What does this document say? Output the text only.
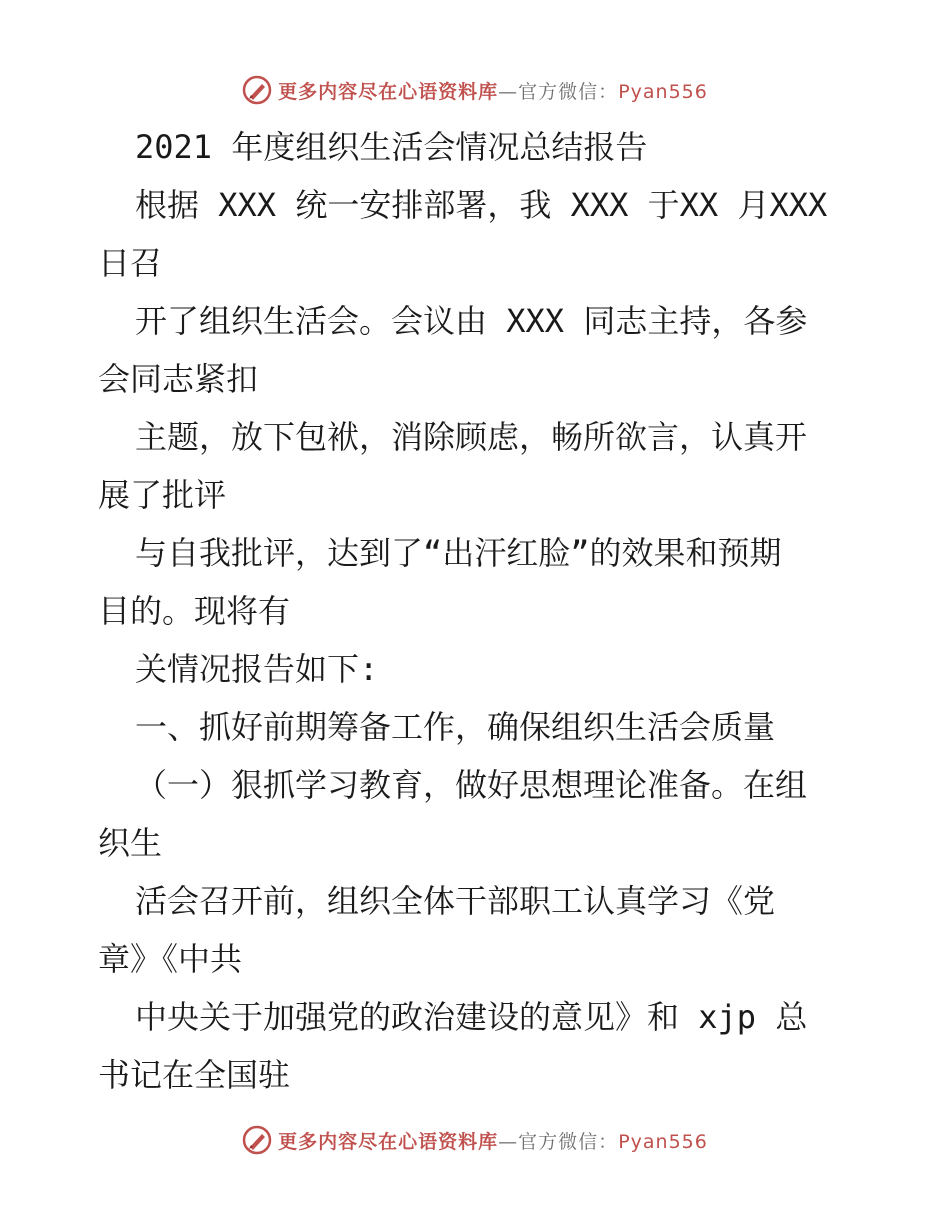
更多内容尽在心语资料库—官方微信：Pyan556

2021 年度组织生活会情况总结报告

根据 XXX 统一安排部署，我 XXX 于XX 月XXX

日召

开了组织生活会。会议由 XXX 同志主持，各参

会同志紧扣

主题，放下包袱，消除顾虑，畅所欲言，认真开

展了批评

与自我批评，达到了“出汗红脸”的效果和预期

目的。现将有

关情况报告如下:

一、抓好前期筹备工作，确保组织生活会质量

（一）狠抓学习教育，做好思想理论准备。在组

织生

活会召开前，组织全体干部职工认真学习《党

章》《中共

中央关于加强党的政治建设的意见》和 xjp 总

书记在全国驻

更多内容尽在心语资料库—官方微信：Pyan556
